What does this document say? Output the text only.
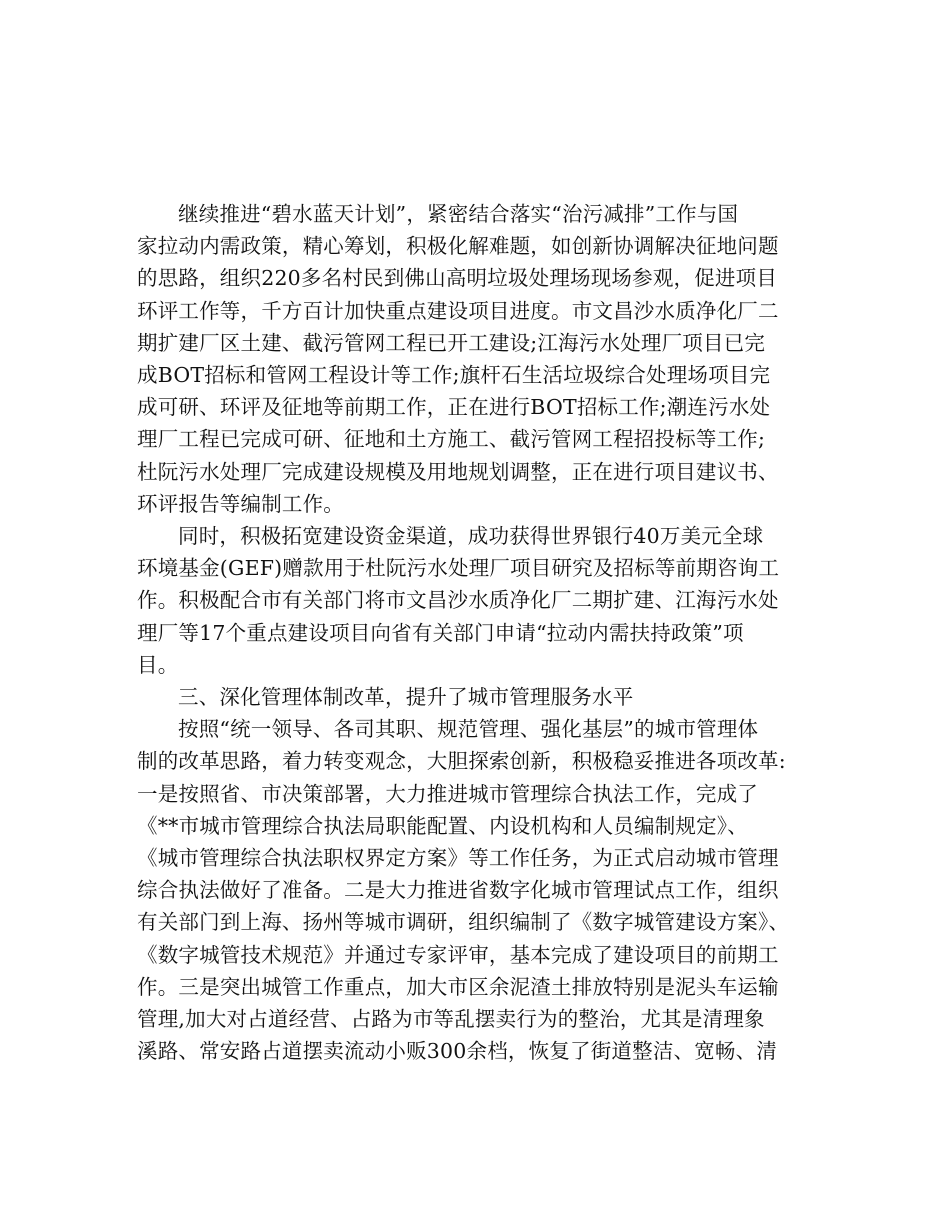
继续推进“碧水蓝天计划”，紧密结合落实“治污减排”工作与国
家拉动内需政策，精心筹划，积极化解难题，如创新协调解决征地问题
的思路，组织220多名村民到佛山高明垃圾处理场现场参观，促进项目
环评工作等，千方百计加快重点建设项目进度。市文昌沙水质净化厂二
期扩建厂区土建、截污管网工程已开工建设;江海污水处理厂项目已完
成BOT招标和管网工程设计等工作;旗杆石生活垃圾综合处理场项目完
成可研、环评及征地等前期工作，正在进行BOT招标工作;潮连污水处
理厂工程已完成可研、征地和土方施工、截污管网工程招投标等工作;
杜阮污水处理厂完成建设规模及用地规划调整，正在进行项目建议书、
环评报告等编制工作。

同时，积极拓宽建设资金渠道，成功获得世界银行40万美元全球
环境基金(GEF)赠款用于杜阮污水处理厂项目研究及招标等前期咨询工
作。积极配合市有关部门将市文昌沙水质净化厂二期扩建、江海污水处
理厂等17个重点建设项目向省有关部门申请“拉动内需扶持政策”项
目。

三、深化管理体制改革，提升了城市管理服务水平

按照“统一领导、各司其职、规范管理、强化基层”的城市管理体
制的改革思路，着力转变观念，大胆探索创新，积极稳妥推进各项改革:
一是按照省、市决策部署，大力推进城市管理综合执法工作，完成了
《**市城市管理综合执法局职能配置、内设机构和人员编制规定》、
《城市管理综合执法职权界定方案》等工作任务，为正式启动城市管理
综合执法做好了准备。二是大力推进省数字化城市管理试点工作，组织
有关部门到上海、扬州等城市调研，组织编制了《数字城管建设方案》、
《数字城管技术规范》并通过专家评审，基本完成了建设项目的前期工
作。三是突出城管工作重点，加大市区余泥渣土排放特别是泥头车运输
管理,加大对占道经营、占路为市等乱摆卖行为的整治，尤其是清理象
溪路、常安路占道摆卖流动小贩300余档，恢复了街道整洁、宽畅、清
